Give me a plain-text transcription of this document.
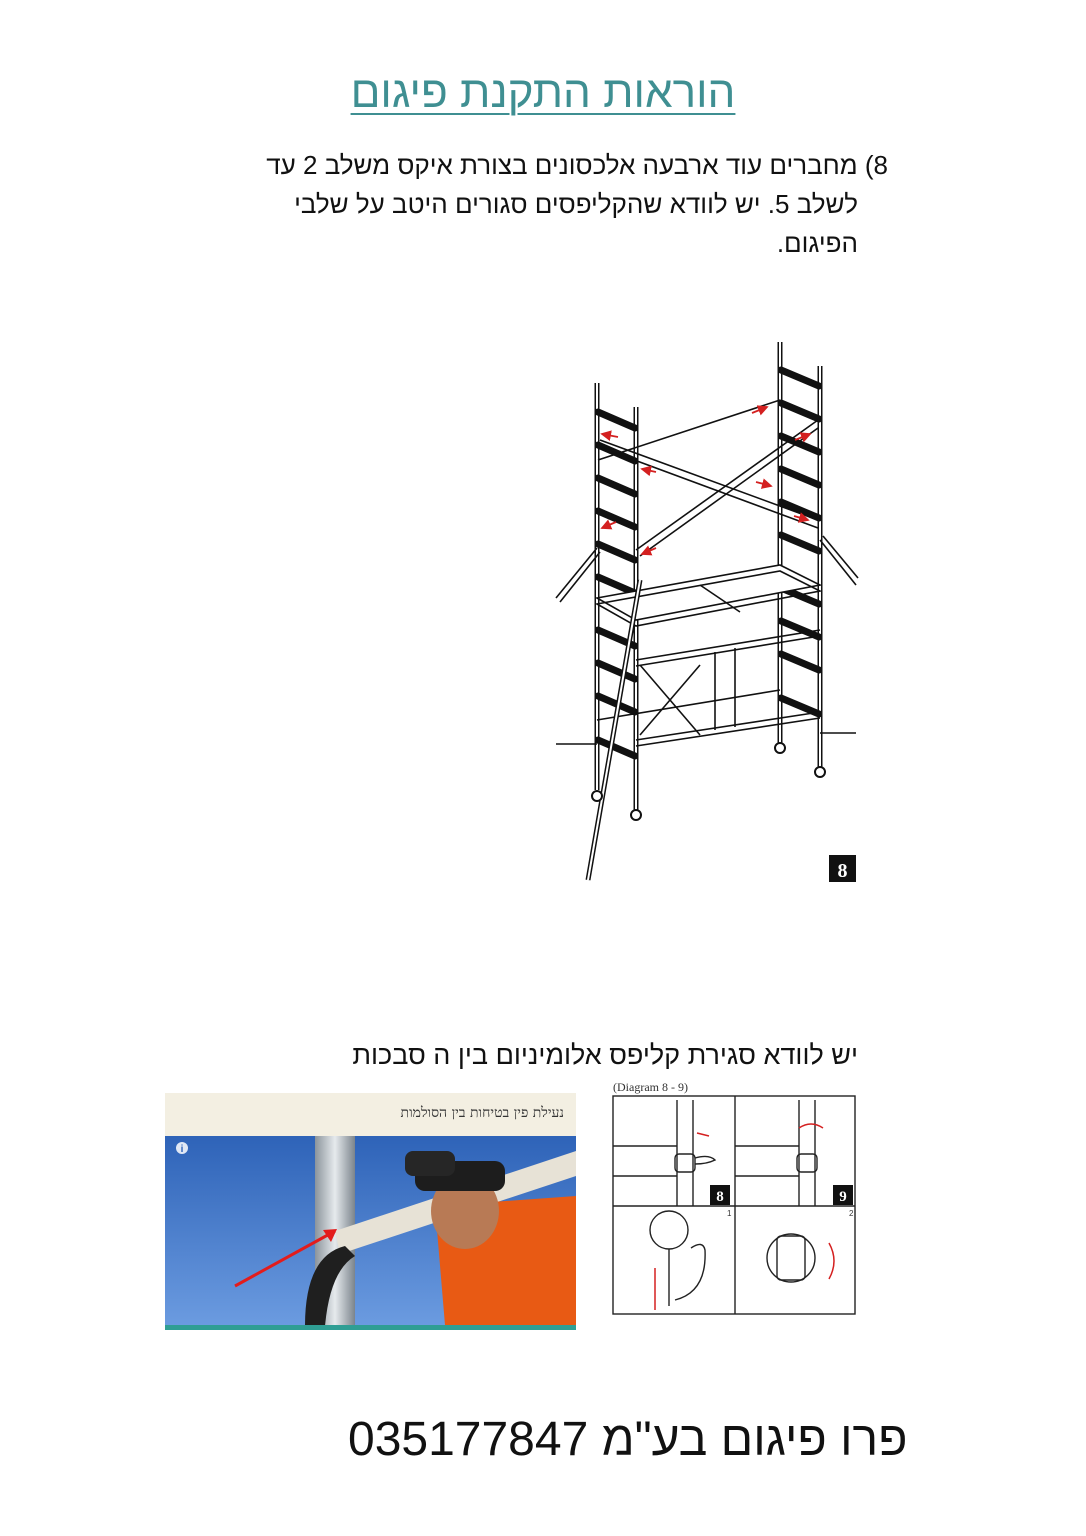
הוראות התקנת פיגום
8) מחברים עוד ארבעה אלכסונים בצורת איקס משלב 2 עד
לשלב 5. יש לוודא שהקליפסים סגורים היטב על שלבי
הפיגום.
8
יש לוודא סגירת קליפס אלומיניום בין ה סבכות
נעילת פין בטיחות בין הסולמות
i
(Diagram 8 - 9)
8	9
1	2
פרו פיגום בע"מ 035177847
